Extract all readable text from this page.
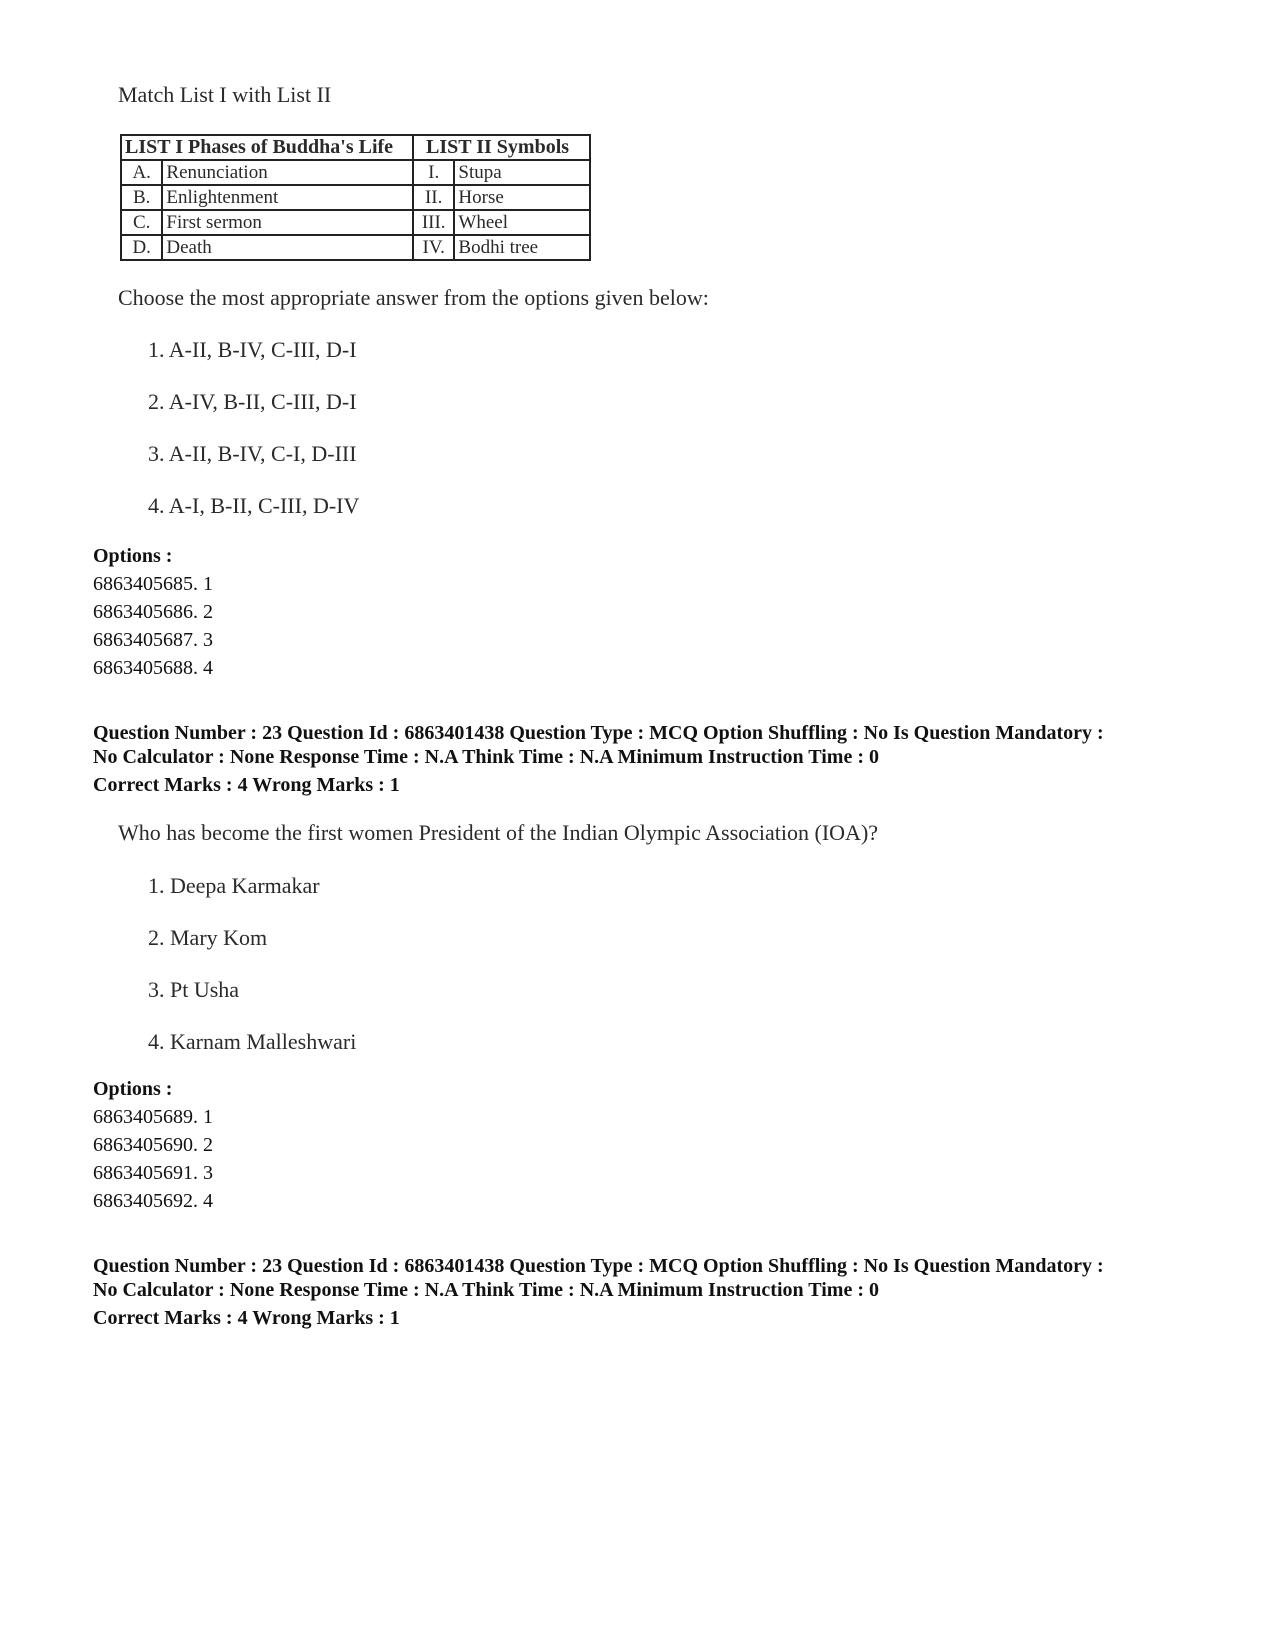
Match List I with List II
LIST I Phases of Buddha's Life		LIST II Symbols	
A.	Renunciation	I.	Stupa
B.	Enlightenment	II.	Horse
C.	First sermon	III.	Wheel
D.	Death	IV.	Bodhi tree
Choose the most appropriate answer from the options given below:
1. A-II, B-IV, C-III, D-I
2. A-IV, B-II, C-III, D-I
3. A-II, B-IV, C-I, D-III
4. A-I, B-II, C-III, D-IV
Options :
6863405685. 1
6863405686. 2
6863405687. 3
6863405688. 4
Question Number : 23 Question Id : 6863401438 Question Type : MCQ Option Shuffling : No Is Question Mandatory :
No Calculator : None Response Time : N.A Think Time : N.A Minimum Instruction Time : 0
Correct Marks : 4 Wrong Marks : 1
Who has become the first women President of the Indian Olympic Association (IOA)?
1. Deepa Karmakar
2. Mary Kom
3. Pt Usha
4. Karnam Malleshwari
Options :
6863405689. 1
6863405690. 2
6863405691. 3
6863405692. 4
Question Number : 23 Question Id : 6863401438 Question Type : MCQ Option Shuffling : No Is Question Mandatory :
No Calculator : None Response Time : N.A Think Time : N.A Minimum Instruction Time : 0
Correct Marks : 4 Wrong Marks : 1
